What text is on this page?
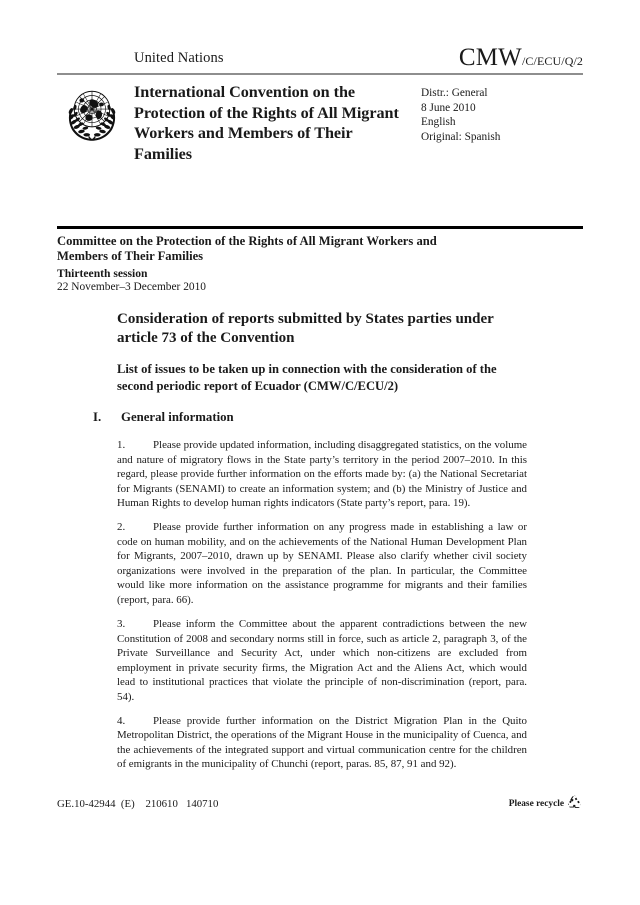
United Nations	CMW/C/ECU/Q/2
International Convention on the Protection of the Rights of All Migrant Workers and Members of Their Families
Distr.: General
8 June 2010
English
Original: Spanish
Committee on the Protection of the Rights of All Migrant Workers and Members of Their Families
Thirteenth session
22 November–3 December 2010
Consideration of reports submitted by States parties under article 73 of the Convention
List of issues to be taken up in connection with the consideration of the second periodic report of Ecuador (CMW/C/ECU/2)
I. General information

1.	Please provide updated information, including disaggregated statistics, on the volume and nature of migratory flows in the State party’s territory in the period 2007–2010. In this regard, please provide further information on the efforts made by: (a) the National Secretariat for Migrants (SENAMI) to create an information system; and (b) the Ministry of Justice and Human Rights to develop human rights indicators (State party’s report, para. 19).

2.	Please provide further information on any progress made in establishing a law or code on human mobility, and on the achievements of the National Human Development Plan for Migrants, 2007–2010, drawn up by SENAMI. Please also clarify whether civil society organizations were involved in the preparation of the plan. In particular, the Committee would like more information on the assistance programme for migrants and their families (report, para. 66).

3.	Please inform the Committee about the apparent contradictions between the new Constitution of 2008 and secondary norms still in force, such as article 2, paragraph 3, of the Private Surveillance and Security Act, under which non-citizens are excluded from employment in private security firms, the Migration Act and the Aliens Act, which would lead to institutional practices that violate the principle of non-discrimination (report, para. 54).

4.	Please provide further information on the District Migration Plan in the Quito Metropolitan District, the operations of the Migrant House in the municipality of Cuenca, and the achievements of the integrated support and virtual communication centre for the children of emigrants in the municipality of Chunchi (report, paras. 85, 87, 91 and 92).

GE.10-42944  (E)    210610   140710	Please recycle
